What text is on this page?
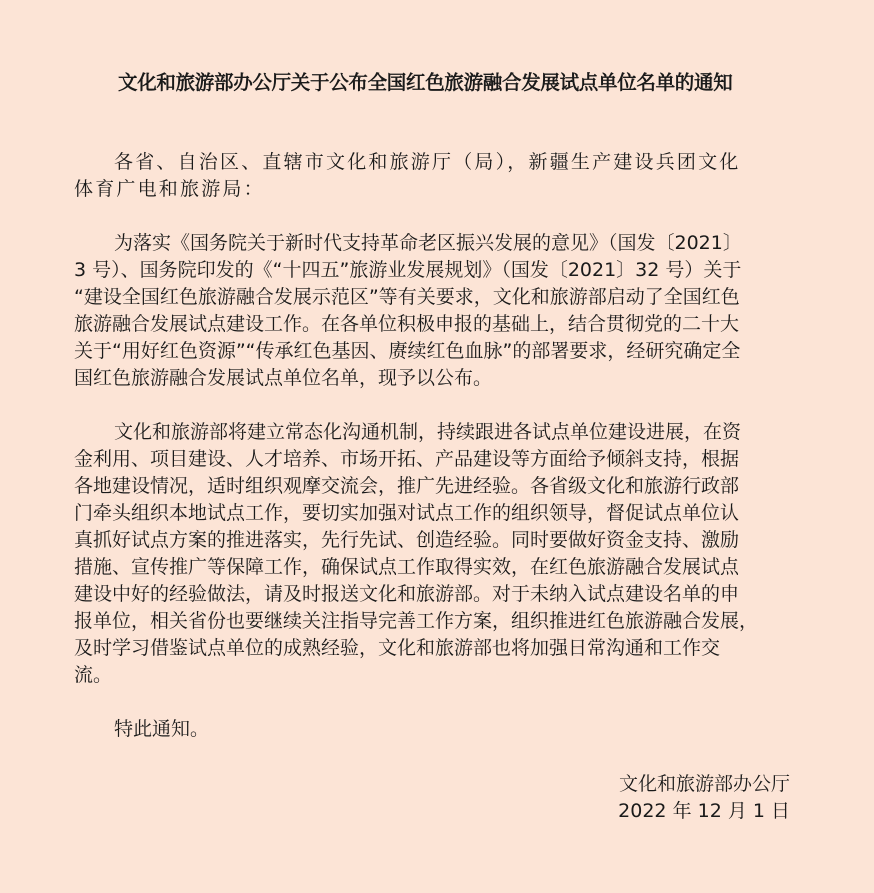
文化和旅游部办公厅关于公布全国红色旅游融合发展试点单位名单的通知
各省、自治区、直辖市文化和旅游厅（局），新疆生产建设兵团文化
体育广电和旅游局：
为落实《国务院关于新时代支持革命老区振兴发展的意见》（国发〔2021〕
3 号）、国务院印发的《“十四五”旅游业发展规划》（国发〔2021〕32 号）关于
“建设全国红色旅游融合发展示范区”等有关要求，文化和旅游部启动了全国红色
旅游融合发展试点建设工作。在各单位积极申报的基础上，结合贯彻党的二十大
关于“用好红色资源”“传承红色基因、赓续红色血脉”的部署要求，经研究确定全
国红色旅游融合发展试点单位名单，现予以公布。
文化和旅游部将建立常态化沟通机制，持续跟进各试点单位建设进展，在资
金利用、项目建设、人才培养、市场开拓、产品建设等方面给予倾斜支持，根据
各地建设情况，适时组织观摩交流会，推广先进经验。各省级文化和旅游行政部
门牵头组织本地试点工作，要切实加强对试点工作的组织领导，督促试点单位认
真抓好试点方案的推进落实，先行先试、创造经验。同时要做好资金支持、激励
措施、宣传推广等保障工作，确保试点工作取得实效，在红色旅游融合发展试点
建设中好的经验做法，请及时报送文化和旅游部。对于未纳入试点建设名单的申
报单位，相关省份也要继续关注指导完善工作方案，组织推进红色旅游融合发展，
及时学习借鉴试点单位的成熟经验，文化和旅游部也将加强日常沟通和工作交
流。
特此通知。
文化和旅游部办公厅
2022 年 12 月 1 日
